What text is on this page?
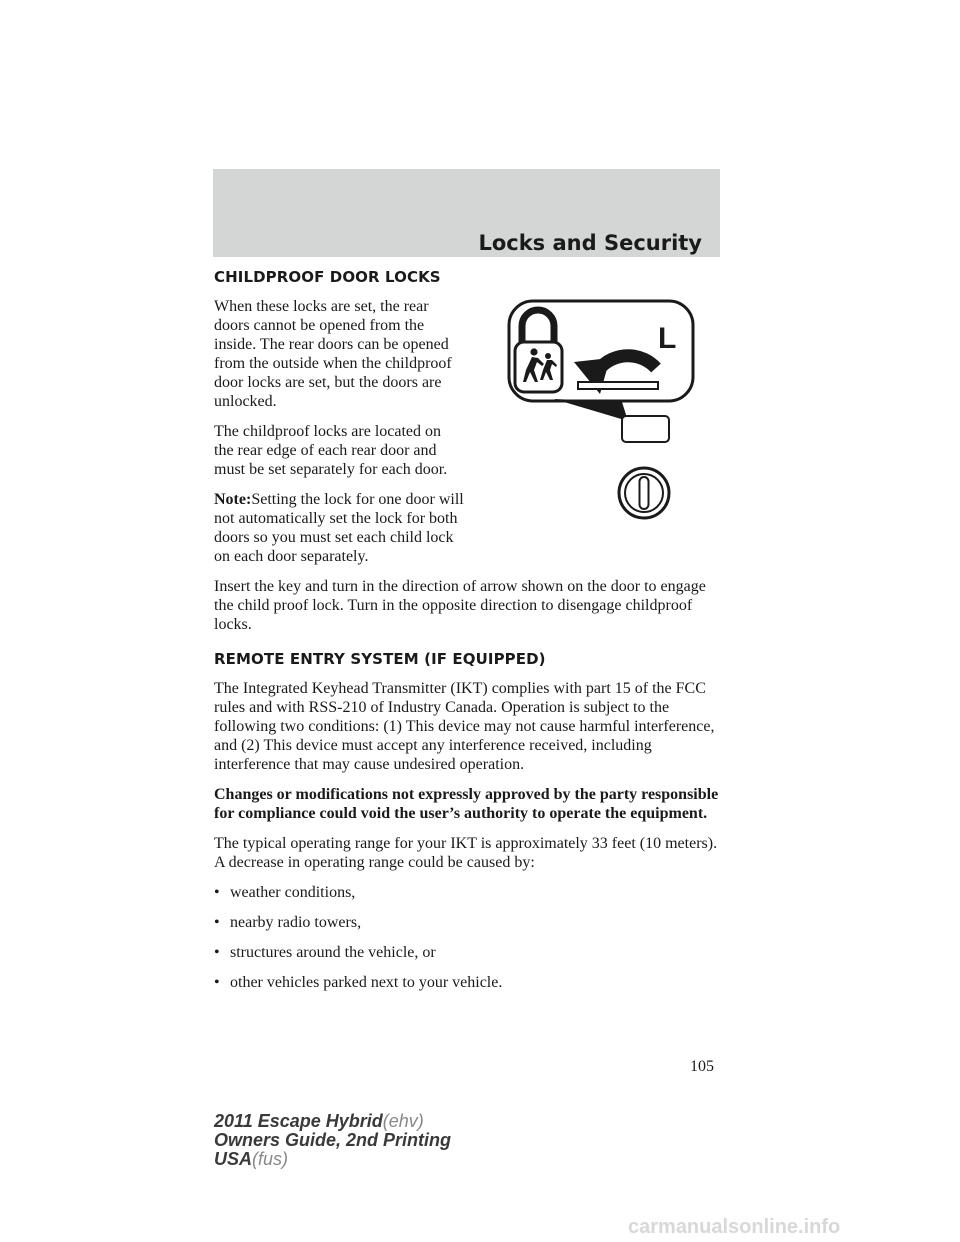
Locks and Security
CHILDPROOF DOOR LOCKS

When these locks are set, the rear doors cannot be opened from the inside. The rear doors can be opened from the outside when the childproof door locks are set, but the doors are unlocked.

The childproof locks are located on the rear edge of each rear door and must be set separately for each door.

Note:Setting the lock for one door will not automatically set the lock for both doors so you must set each child lock on each door separately.

Insert the key and turn in the direction of arrow shown on the door to engage the child proof lock. Turn in the opposite direction to disengage childproof locks.

REMOTE ENTRY SYSTEM (IF EQUIPPED)

The Integrated Keyhead Transmitter (IKT) complies with part 15 of the FCC rules and with RSS-210 of Industry Canada. Operation is subject to the following two conditions: (1) This device may not cause harmful interference, and (2) This device must accept any interference received, including interference that may cause undesired operation.

Changes or modifications not expressly approved by the party responsible for compliance could void the user’s authority to operate the equipment.

The typical operating range for your IKT is approximately 33 feet (10 meters). A decrease in operating range could be caused by:

• weather conditions,
• nearby radio towers,
• structures around the vehicle, or
• other vehicles parked next to your vehicle.
L
105
2011 Escape Hybrid(ehv)
Owners Guide, 2nd Printing
USA(fus)
carmanualsonline.info
